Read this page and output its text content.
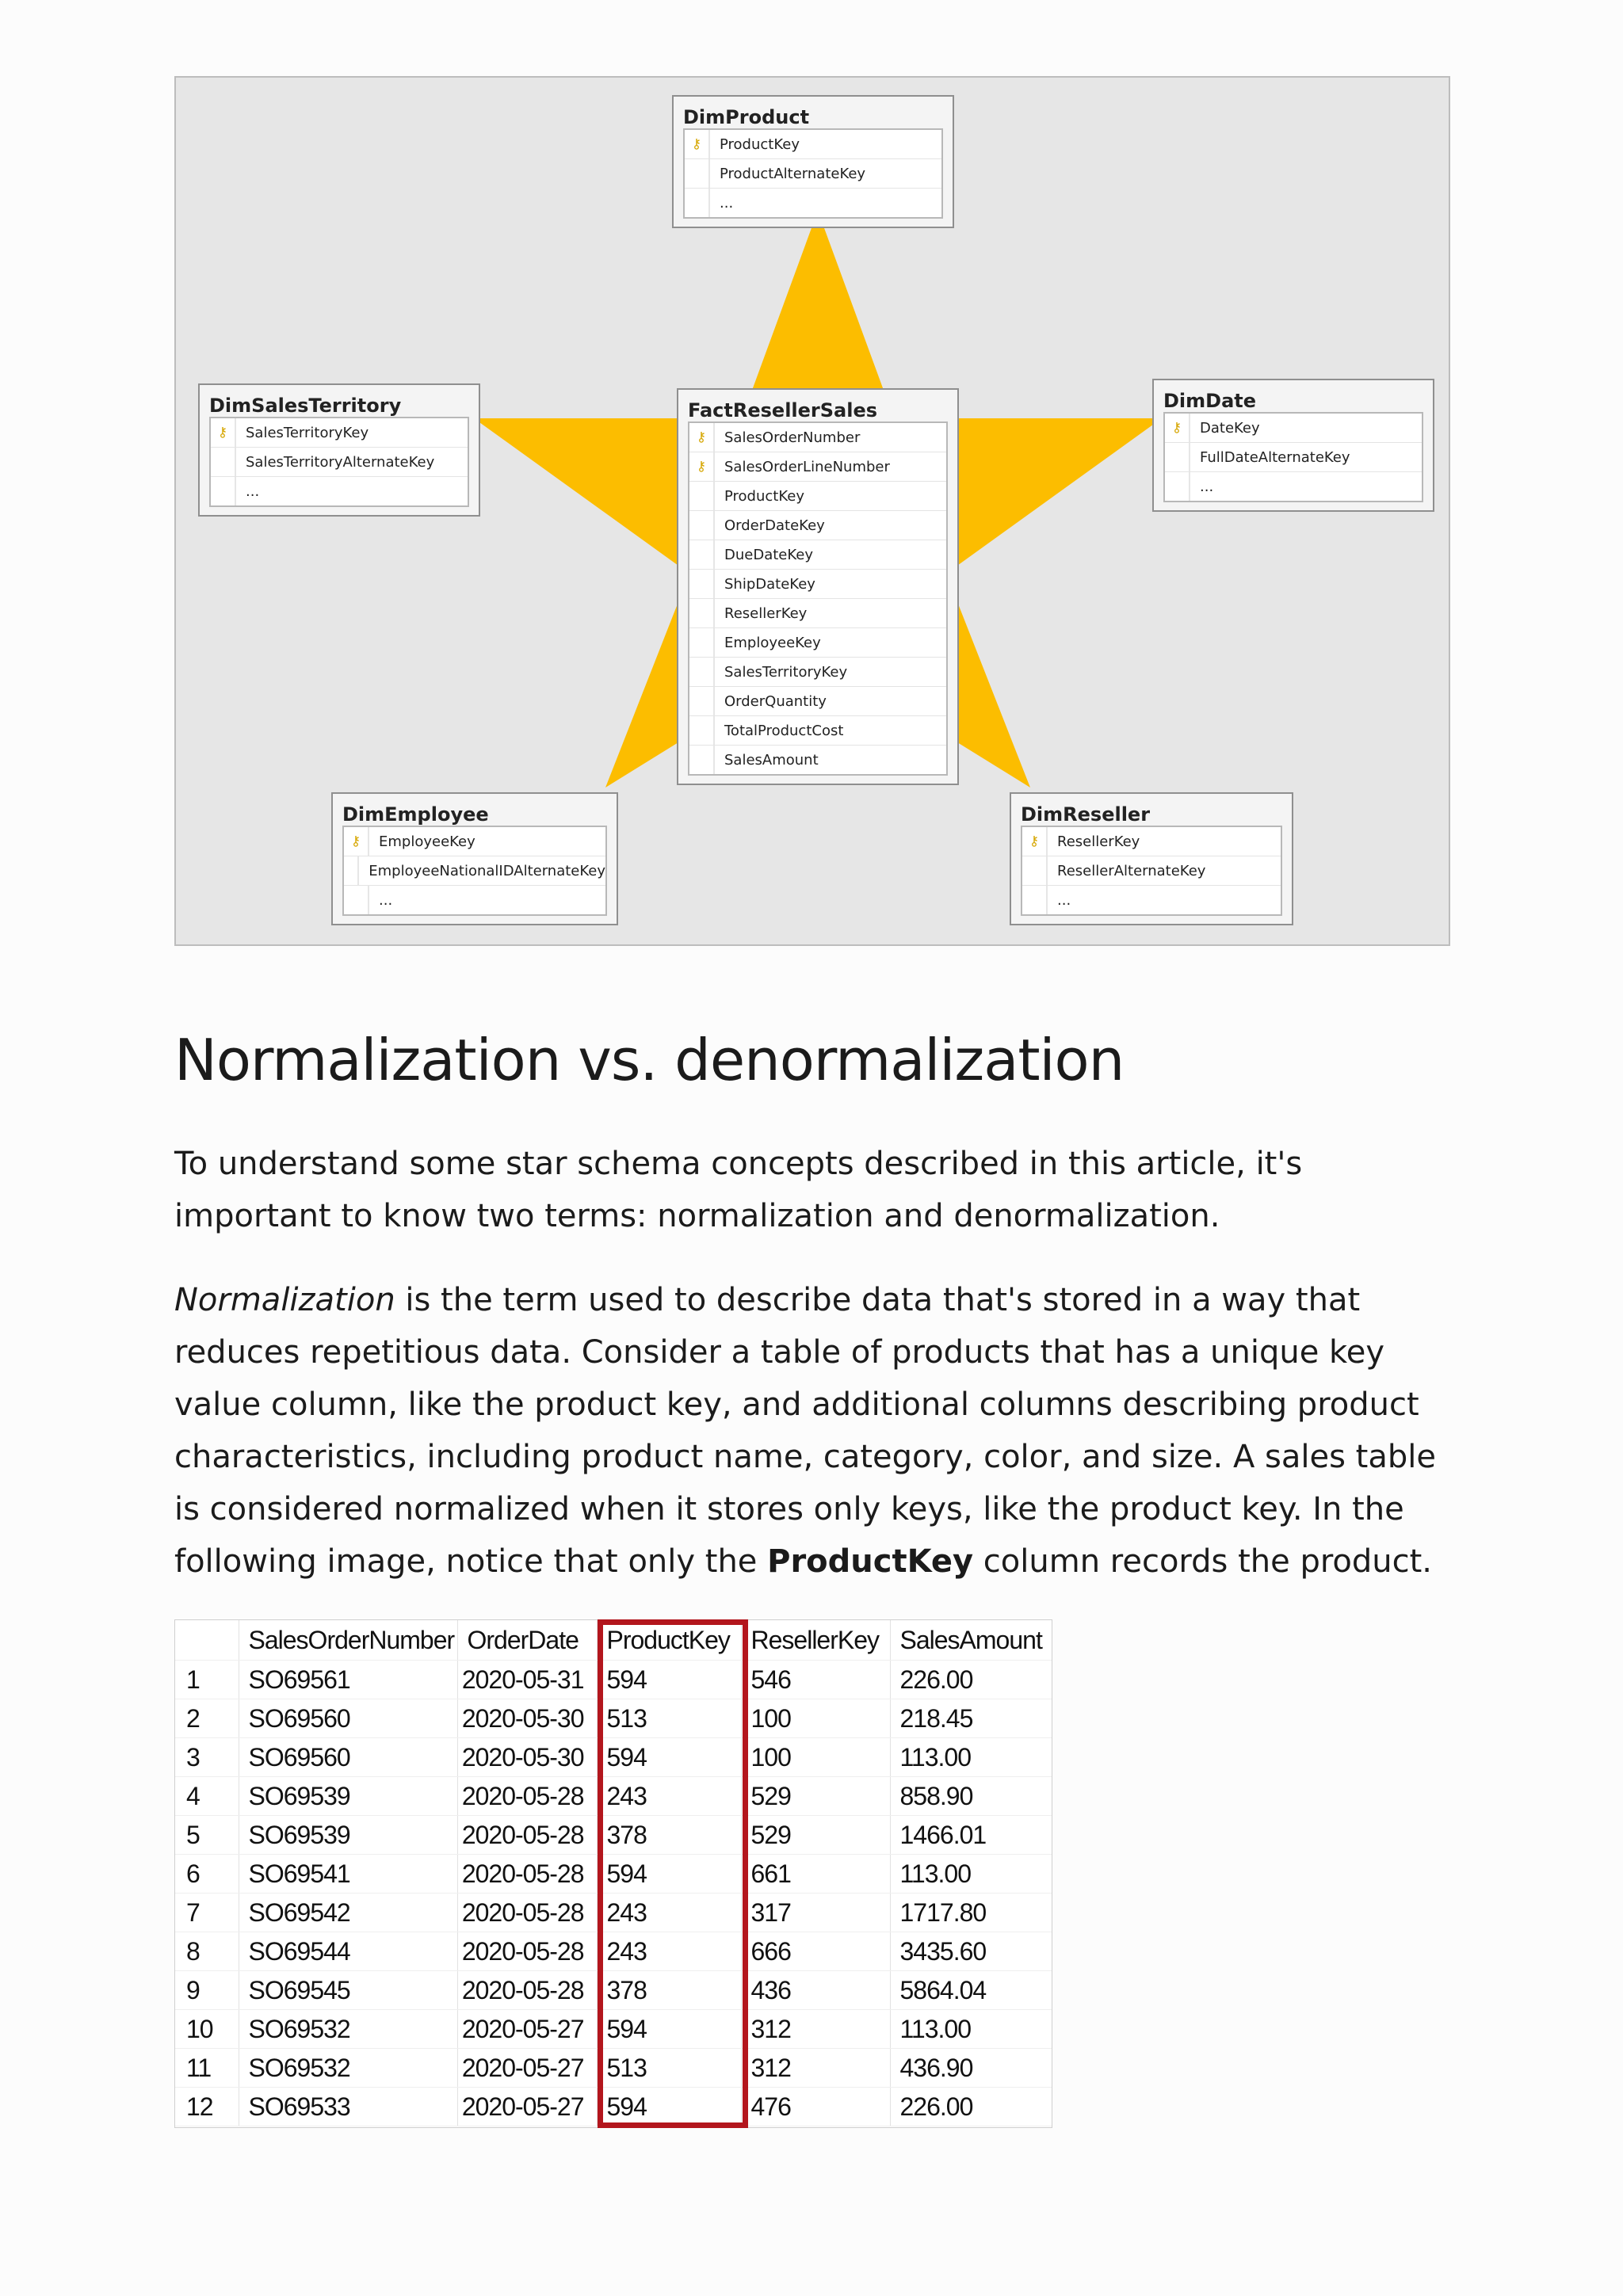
DimProduct
⚷	ProductKey
ProductAlternateKey
...
DimSalesTerritory
⚷	SalesTerritoryKey
SalesTerritoryAlternateKey
...
FactResellerSales
⚷	SalesOrderNumber
⚷	SalesOrderLineNumber
ProductKey
OrderDateKey
DueDateKey
ShipDateKey
ResellerKey
EmployeeKey
SalesTerritoryKey
OrderQuantity
TotalProductCost
SalesAmount
DimDate
⚷	DateKey
FullDateAlternateKey
...
DimEmployee
⚷	EmployeeKey
EmployeeNationalIDAlternateKey
...
DimReseller
⚷	ResellerKey
ResellerAlternateKey
...
Normalization vs. denormalization

To understand some star schema concepts described in this article, it's important to know two terms: normalization and denormalization.

Normalization is the term used to describe data that's stored in a way that reduces repetitious data. Consider a table of products that has a unique key value column, like the product key, and additional columns describing product characteristics, including product name, category, color, and size. A sales table is considered normalized when it stores only keys, like the product key. In the following image, notice that only the ProductKey column records the product.

	SalesOrderNumber	OrderDate	ProductKey	ResellerKey	SalesAmount
1	SO69561	2020-05-31	594	546	226.00
2	SO69560	2020-05-30	513	100	218.45
3	SO69560	2020-05-30	594	100	113.00
4	SO69539	2020-05-28	243	529	858.90
5	SO69539	2020-05-28	378	529	1466.01
6	SO69541	2020-05-28	594	661	113.00
7	SO69542	2020-05-28	243	317	1717.80
8	SO69544	2020-05-28	243	666	3435.60
9	SO69545	2020-05-28	378	436	5864.04
10	SO69532	2020-05-27	594	312	113.00
11	SO69532	2020-05-27	513	312	436.90
12	SO69533	2020-05-27	594	476	226.00
